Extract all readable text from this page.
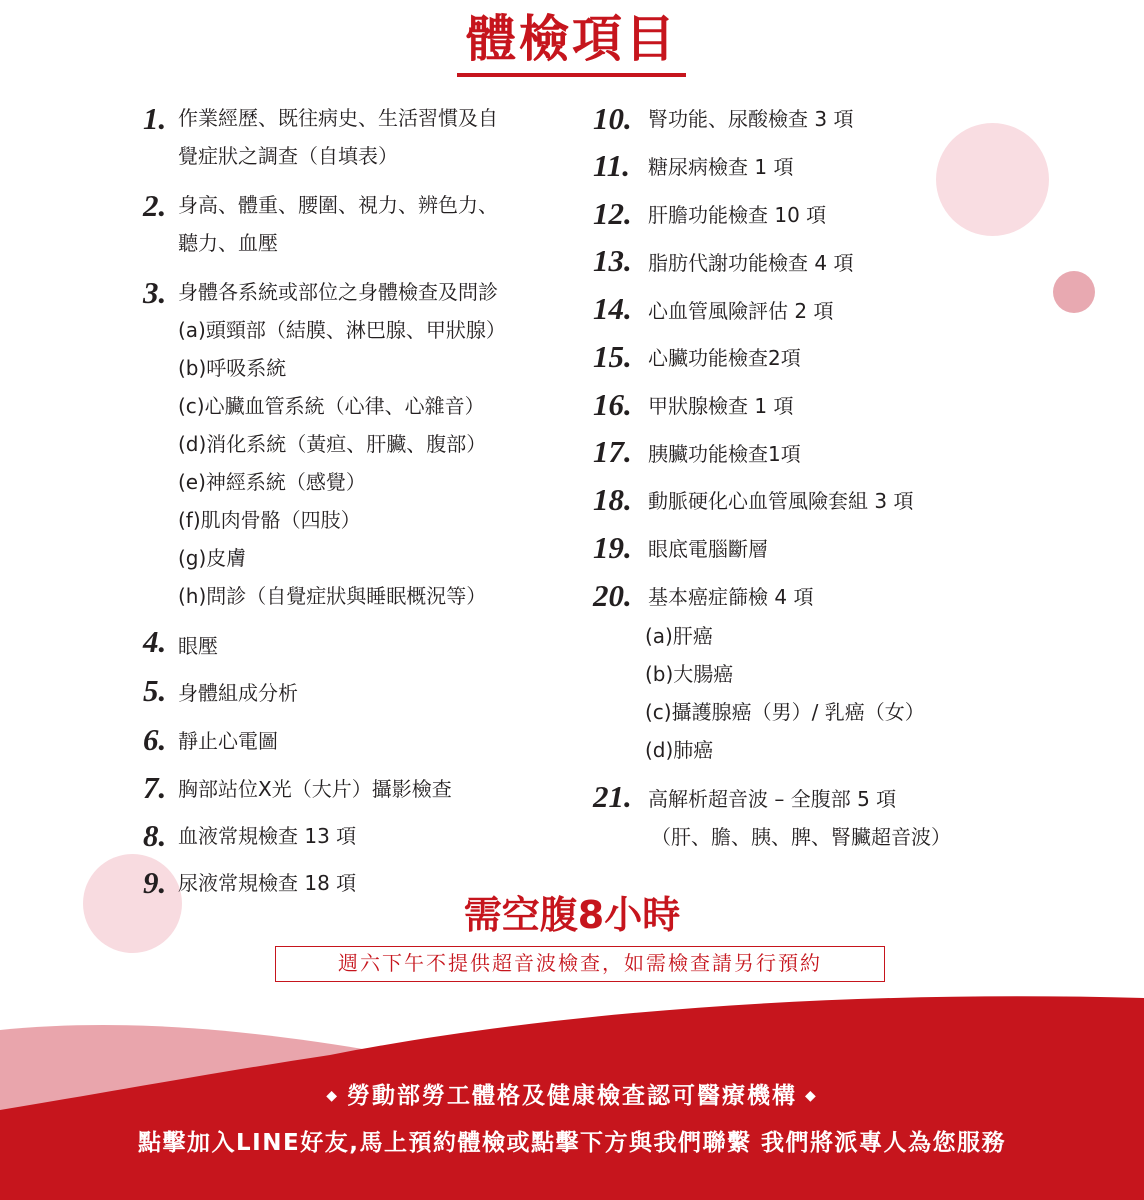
體檢項目
1. 作業經歷、既往病史、生活習慣及自
覺症狀之調查（自填表）
2. 身高、體重、腰圍、視力、辨色力、
聽力、血壓
3. 身體各系統或部位之身體檢查及問診
(a)頭頸部（結膜、淋巴腺、甲狀腺）
(b)呼吸系統
(c)心臟血管系統（心律、心雜音）
(d)消化系統（黃疸、肝臟、腹部）
(e)神經系統（感覺）
(f)肌肉骨骼（四肢）
(g)皮膚
(h)問診（自覺症狀與睡眠概況等）
4. 眼壓
5. 身體組成分析
6. 靜止心電圖
7. 胸部站位X光（大片）攝影檢查
8. 血液常規檢查 13 項
9. 尿液常規檢查 18 項
10. 腎功能、尿酸檢查 3 項
11. 糖尿病檢查 1 項
12. 肝膽功能檢查 10 項
13. 脂肪代謝功能檢查 4 項
14. 心血管風險評估 2 項
15. 心臟功能檢查2項
16. 甲狀腺檢查 1 項
17. 胰臟功能檢查1項
18. 動脈硬化心血管風險套組 3 項
19. 眼底電腦斷層
20. 基本癌症篩檢 4 項
(a)肝癌
(b)大腸癌
(c)攝護腺癌（男）/ 乳癌（女）
(d)肺癌
21. 高解析超音波 – 全腹部 5 項
（肝、膽、胰、脾、腎臟超音波）
需空腹8小時
週六下午不提供超音波檢查，如需檢查請另行預約
◆ 勞動部勞工體格及健康檢查認可醫療機構 ◆
點擊加入LINE好友,馬上預約體檢或點擊下方與我們聯繫 我們將派專人為您服務
